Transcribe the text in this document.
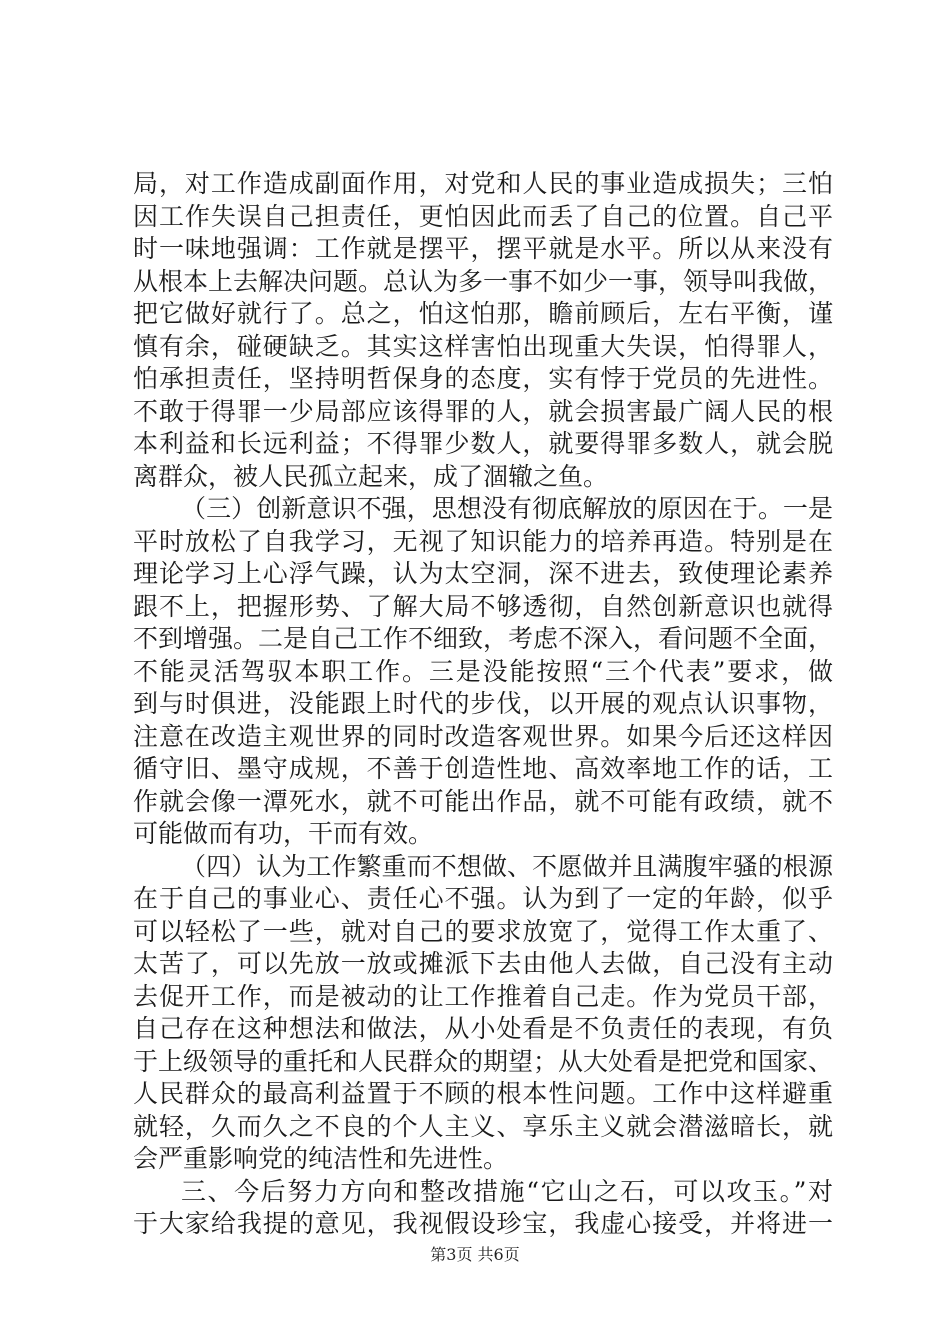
局，对工作造成副面作用，对党和人民的事业造成损失；三怕
因工作失误自己担责任，更怕因此而丢了自己的位置。自己平
时一味地强调：工作就是摆平，摆平就是水平。所以从来没有
从根本上去解决问题。总认为多一事不如少一事，领导叫我做，
把它做好就行了。总之，怕这怕那，瞻前顾后，左右平衡，谨
慎有余，碰硬缺乏。其实这样害怕出现重大失误，怕得罪人，
怕承担责任，坚持明哲保身的态度，实有悖于党员的先进性。
不敢于得罪一少局部应该得罪的人，就会损害最广阔人民的根
本利益和长远利益；不得罪少数人，就要得罪多数人，就会脱
离群众，被人民孤立起来，成了涸辙之鱼。
（三）创新意识不强，思想没有彻底解放的原因在于。一是
平时放松了自我学习，无视了知识能力的培养再造。特别是在
理论学习上心浮气躁，认为太空洞，深不进去，致使理论素养
跟不上，把握形势、了解大局不够透彻，自然创新意识也就得
不到增强。二是自己工作不细致，考虑不深入，看问题不全面，
不能灵活驾驭本职工作。三是没能按照“三个代表”要求，做
到与时俱进，没能跟上时代的步伐，以开展的观点认识事物，
注意在改造主观世界的同时改造客观世界。如果今后还这样因
循守旧、墨守成规，不善于创造性地、高效率地工作的话，工
作就会像一潭死水，就不可能出作品，就不可能有政绩，就不
可能做而有功，干而有效。
（四）认为工作繁重而不想做、不愿做并且满腹牢骚的根源
在于自己的事业心、责任心不强。认为到了一定的年龄，似乎
可以轻松了一些，就对自己的要求放宽了，觉得工作太重了、
太苦了，可以先放一放或摊派下去由他人去做，自己没有主动
去促开工作，而是被动的让工作推着自己走。作为党员干部，
自己存在这种想法和做法，从小处看是不负责任的表现，有负
于上级领导的重托和人民群众的期望；从大处看是把党和国家、
人民群众的最高利益置于不顾的根本性问题。工作中这样避重
就轻，久而久之不良的个人主义、享乐主义就会潜滋暗长，就
会严重影响党的纯洁性和先进性。
三、今后努力方向和整改措施“它山之石，可以攻玉。”对
于大家给我提的意见，我视假设珍宝，我虚心接受，并将进一
第3页 共6页
